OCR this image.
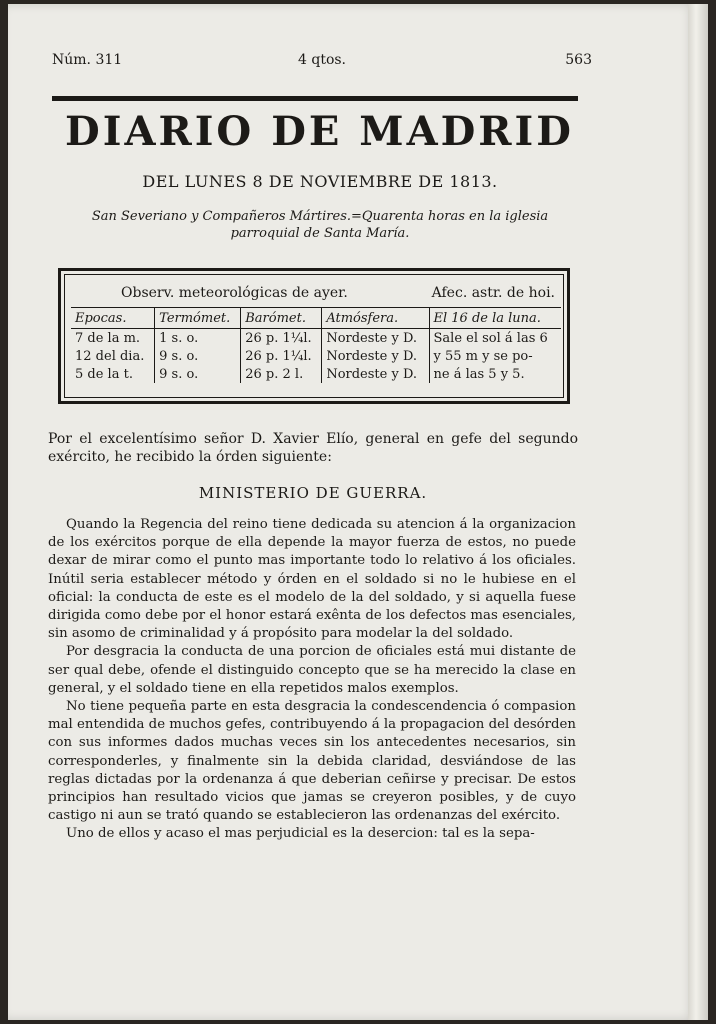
Núm. 311	4 qtos.	563
DIARIO DE MADRID
DEL LUNES 8 DE NOVIEMBRE DE 1813.
San Severiano y Compañeros Mártires.=Quarenta horas en la iglesia parroquial de Santa María.
Observ. meteorológicas de ayer.	Afec. astr. de hoi.
Epocas.	Termómet.	Barómet.	Atmósfera.	El 16 de la luna.
7 de la m.	1 s. o.	26 p. 1¼l.	Nordeste y D.	Sale el sol á las 6
12 del dia.	9 s. o.	26 p. 1¼l.	Nordeste y D.	y 55 m y se po-
5 de la t.	9 s. o.	26 p. 2 l.	Nordeste y D.	ne á las 5 y 5.
Por el excelentísimo señor D. Xavier Elío, general en gefe del segundo exército, he recibido la órden siguiente:
MINISTERIO DE GUERRA.

Quando la Regencia del reino tiene dedicada su atencion á la organizacion de los exércitos porque de ella depende la mayor fuerza de estos, no puede dexar de mirar como el punto mas importante todo lo relativo á los oficiales. Inútil seria establecer método y órden en el soldado si no le hubiese en el oficial: la conducta de este es el modelo de la del soldado, y si aquella fuese dirigida como debe por el honor estará exênta de los defectos mas esenciales, sin asomo de criminalidad y á propósito para modelar la del soldado.

Por desgracia la conducta de una porcion de oficiales está mui distante de ser qual debe, ofende el distinguido concepto que se ha merecido la clase en general, y el soldado tiene en ella repetidos malos exemplos.

No tiene pequeña parte en esta desgracia la condescendencia ó compasion mal entendida de muchos gefes, contribuyendo á la propagacion del desórden con sus informes dados muchas veces sin los antecedentes necesarios, sin corresponderles, y finalmente sin la debida claridad, desviándose de las reglas dictadas por la ordenanza á que deberian ceñirse y precisar. De estos principios han resultado vicios que jamas se creyeron posibles, y de cuyo castigo ni aun se trató quando se establecieron las ordenanzas del exército.

Uno de ellos y acaso el mas perjudicial es la desercion: tal es la sepa-
